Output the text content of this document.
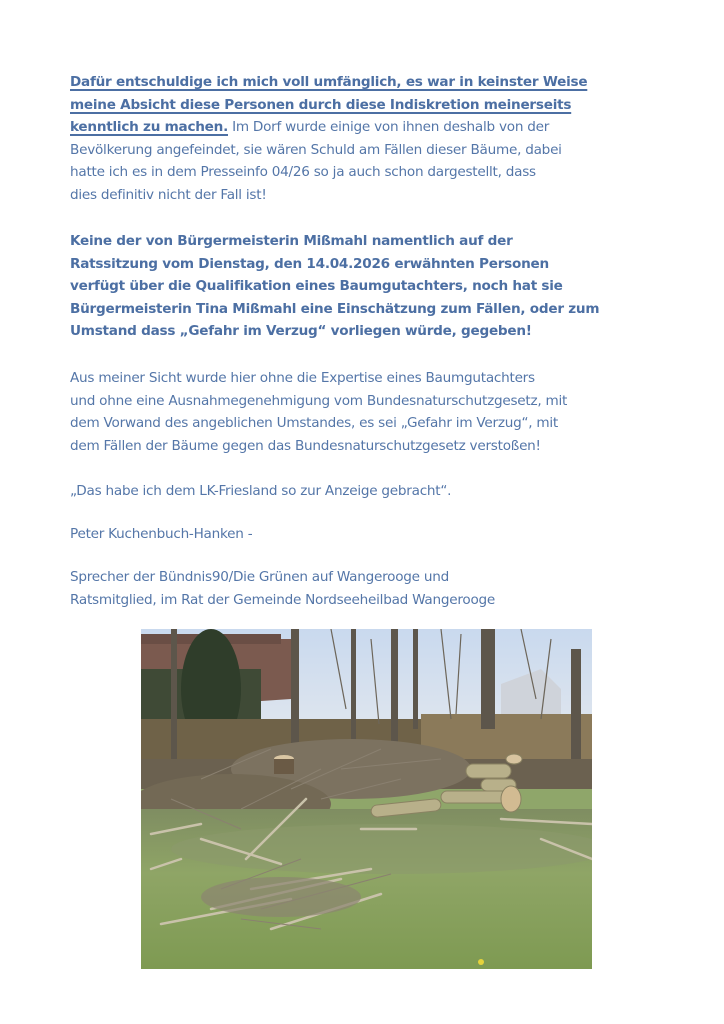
Dafür entschuldige ich mich voll umfänglich, es war in keinster Weise
meine Absicht diese Personen durch diese Indiskretion meinerseits
kenntlich zu machen. Im Dorf wurde einige von ihnen deshalb von der
Bevölkerung angefeindet, sie wären Schuld am Fällen dieser Bäume, dabei
hatte ich es in dem Presseinfo 04/26 so ja auch schon dargestellt, dass
dies definitiv nicht der Fall ist!
Keine der von Bürgermeisterin Mißmahl namentlich auf der
Ratssitzung vom Dienstag, den 14.04.2026 erwähnten Personen
verfügt über die Qualifikation eines Baumgutachters, noch hat sie
Bürgermeisterin Tina Mißmahl eine Einschätzung zum Fällen, oder zum
Umstand dass „Gefahr im Verzug“ vorliegen würde, gegeben!
Aus meiner Sicht wurde hier ohne die Expertise eines Baumgutachters
und ohne eine Ausnahmegenehmigung vom Bundesnaturschutzgesetz, mit
dem Vorwand des angeblichen Umstandes, es sei „Gefahr im Verzug“, mit
dem Fällen der Bäume gegen das Bundesnaturschutzgesetz verstoßen!
„Das habe ich dem LK-Friesland so zur Anzeige gebracht“.
Peter Kuchenbuch-Hanken -
Sprecher der Bündnis90/Die Grünen auf Wangerooge und
Ratsmitglied, im Rat der Gemeinde Nordseeheilbad Wangerooge
